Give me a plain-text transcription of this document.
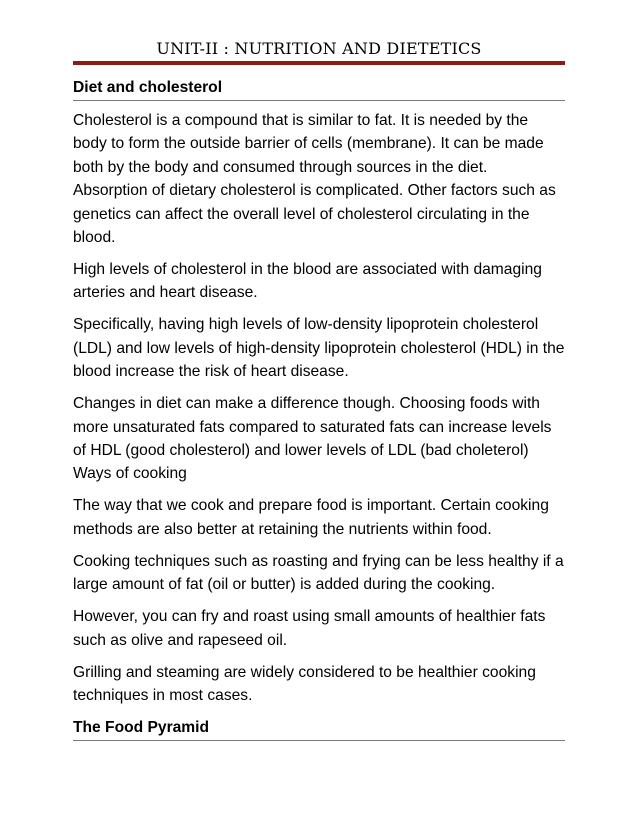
UNIT-II : NUTRITION AND DIETETICS
Diet and cholesterol

Cholesterol is a compound that is similar to fat. It is needed by the body to form the outside barrier of cells (membrane). It can be made both by the body and consumed through sources in the diet. Absorption of dietary cholesterol is complicated. Other factors such as genetics can affect the overall level of cholesterol circulating in the blood.

High levels of cholesterol in the blood are associated with damaging arteries and heart disease.

Specifically, having high levels of low-density lipoprotein cholesterol (LDL) and low levels of high-density lipoprotein cholesterol (HDL) in the blood increase the risk of heart disease.

Changes in diet can make a difference though. Choosing foods with more unsaturated fats compared to saturated fats can increase levels of HDL (good cholesterol) and lower levels of LDL (bad choleterol) Ways of cooking

The way that we cook and prepare food is important. Certain cooking methods are also better at retaining the nutrients within food.

Cooking techniques such as roasting and frying can be less healthy if a large amount of fat (oil or butter) is added during the cooking.

However, you can fry and roast using small amounts of healthier fats such as olive and rapeseed oil.

Grilling and steaming are widely considered to be healthier cooking techniques in most cases.

The Food Pyramid
